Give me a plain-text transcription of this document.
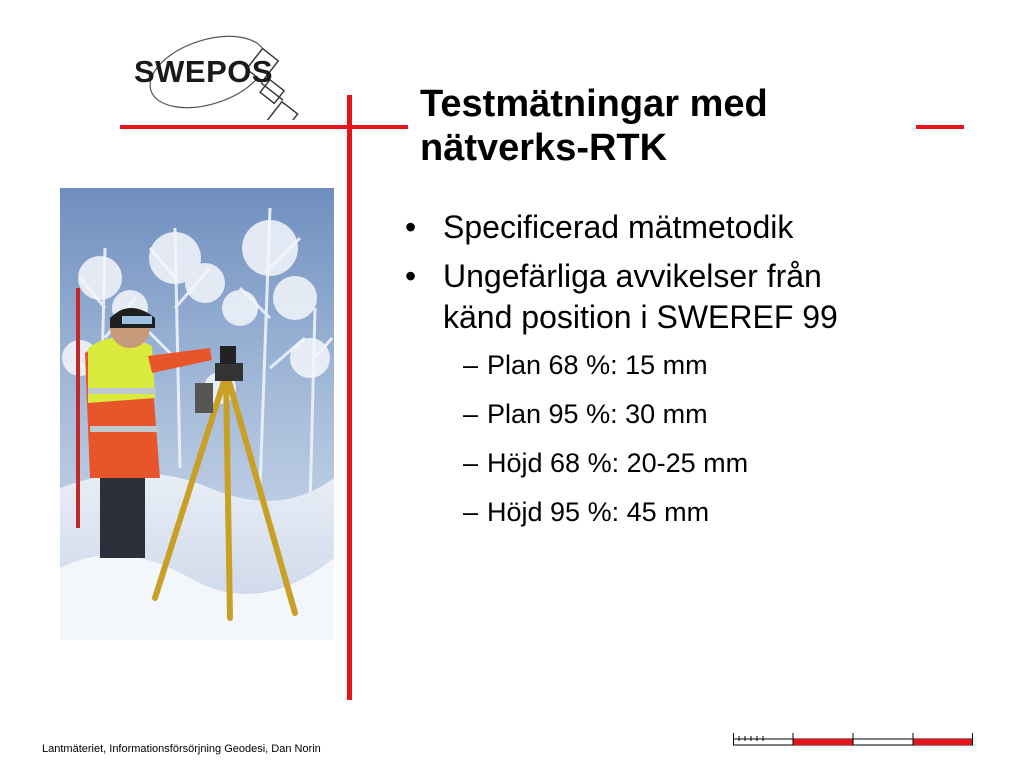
SWEPOS
Testmätningar med
nätverks-RTK
• Specificerad mätmetodik
• Ungefärliga avvikelser från
känd position i SWEREF 99
– Plan 68 %: 15 mm
– Plan 95 %: 30 mm
– Höjd 68 %: 20-25 mm
– Höjd 95 %: 45 mm
Lantmäteriet, Informationsförsörjning Geodesi, Dan Norin
